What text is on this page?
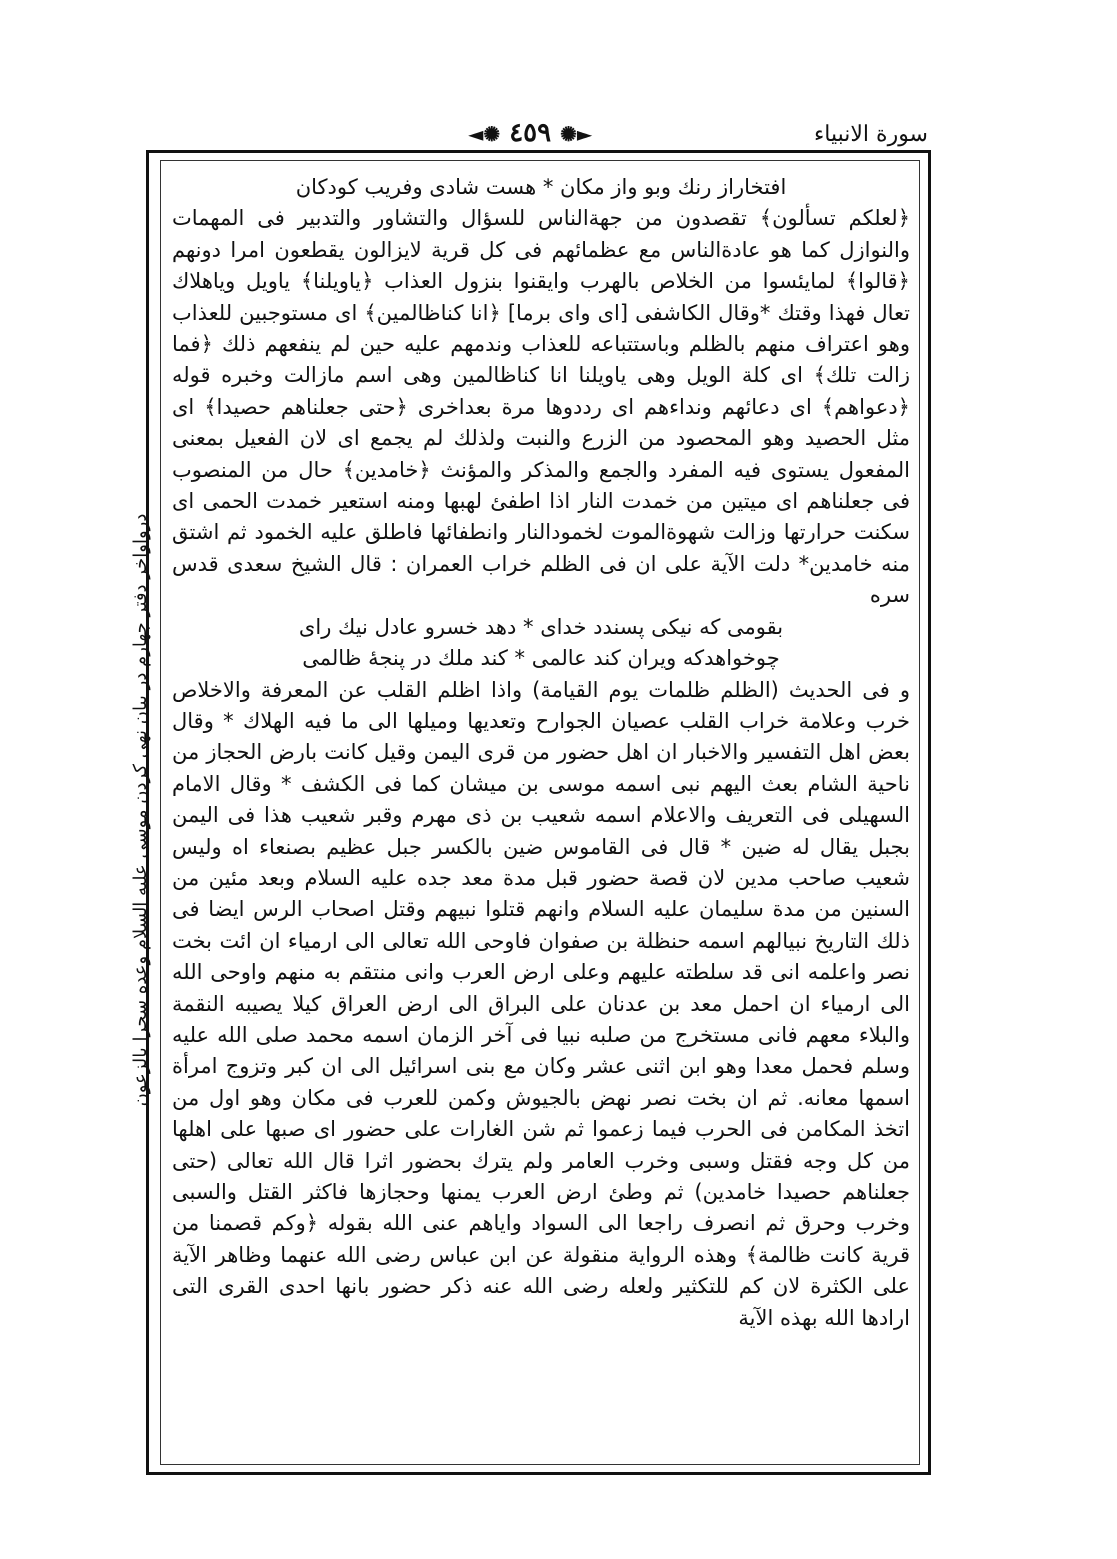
◄✺ ٤٥٩ ✺►	سورة الانبياء
درواواخر دفتر چهارم در بیان نهی کردن موسی علیه السلام وعده سحرا بالزعون
افتخاراز رنك وبو واز مكان * هست شادى وفريب كودكان
﴿لعلكم تسألون﴾ تقصدون من جهةالناس للسؤال والتشاور والتدبير فى المهمات والنوازل كما هو عادةالناس مع عظمائهم فى كل قرية لايزالون يقطعون امرا دونهم ﴿قالوا﴾ لمايئسوا من الخلاص بالهرب وايقنوا بنزول العذاب ﴿ياويلنا﴾ ياويل وياهلاك تعال فهذا وقتك *وقال الكاشفى [اى واى برما] ﴿انا كناظالمين﴾ اى مستوجبين للعذاب وهو اعتراف منهم بالظلم وباستتباعه للعذاب وندمهم عليه حين لم ينفعهم ذلك ﴿فما زالت تلك﴾ اى كلة الويل وهى ياويلنا انا كناظالمين وهى اسم مازالت وخبره قوله ﴿دعواهم﴾ اى دعائهم ونداءهم اى رددوها مرة بعداخرى ﴿حتى جعلناهم حصيدا﴾ اى مثل الحصيد وهو المحصود من الزرع والنبت ولذلك لم يجمع اى لان الفعيل بمعنى المفعول يستوى فيه المفرد والجمع والمذكر والمؤنث ﴿خامدين﴾ حال من المنصوب فى جعلناهم اى ميتين من خمدت النار اذا اطفئ لهبها ومنه استعير خمدت الحمى اى سكنت حرارتها وزالت شهوةالموت لخمودالنار وانطفائها فاطلق عليه الخمود ثم اشتق منه خامدين* دلت الآية على ان فى الظلم خراب العمران : قال الشيخ سعدى قدس سره
بقومى كه نيكى پسندد خداى * دهد خسرو عادل نيك راى
چوخواهدكه ويران كند عالمى * كند ملك در پنجۀ ظالمى
و فى الحديث (الظلم ظلمات يوم القيامة) واذا اظلم القلب عن المعرفة والاخلاص خرب وعلامة خراب القلب عصيان الجوارح وتعديها وميلها الى ما فيه الهلاك * وقال بعض اهل التفسير والاخبار ان اهل حضور من قرى اليمن وقيل كانت بارض الحجاز من ناحية الشام بعث اليهم نبى اسمه موسى بن ميشان كما فى الكشف * وقال الامام السهيلى فى التعريف والاعلام اسمه شعيب بن ذى مهرم وقبر شعيب هذا فى اليمن بجبل يقال له ضين * قال فى القاموس ضين بالكسر جبل عظيم بصنعاء اه وليس شعيب صاحب مدين لان قصة حضور قبل مدة معد جده عليه السلام وبعد مئين من السنين من مدة سليمان عليه السلام وانهم قتلوا نبيهم وقتل اصحاب الرس ايضا فى ذلك التاريخ نبيالهم اسمه حنظلة بن صفوان فاوحى الله تعالى الى ارمياء ان ائت بخت نصر واعلمه انى قد سلطته عليهم وعلى ارض العرب وانى منتقم به منهم واوحى الله الى ارمياء ان احمل معد بن عدنان على البراق الى ارض العراق كيلا يصيبه النقمة والبلاء معهم فانى مستخرج من صلبه نبيا فى آخر الزمان اسمه محمد صلى الله عليه وسلم فحمل معدا وهو ابن اثنى عشر وكان مع بنى اسرائيل الى ان كبر وتزوج امرأة اسمها معانه. ثم ان بخت نصر نهض بالجيوش وكمن للعرب فى مكان وهو اول من اتخذ المكامن فى الحرب فيما زعموا ثم شن الغارات على حضور اى صبها على اهلها من كل وجه فقتل وسبى وخرب العامر ولم يترك بحضور اثرا قال الله تعالى (حتى جعلناهم حصيدا خامدين) ثم وطئ ارض العرب يمنها وحجازها فاكثر القتل والسبى وخرب وحرق ثم انصرف راجعا الى السواد واياهم عنى الله بقوله ﴿وكم قصمنا من قرية كانت ظالمة﴾ وهذه الرواية منقولة عن ابن عباس رضى الله عنهما وظاهر الآية على الكثرة لان كم للتكثير ولعله رضى الله عنه ذكر حضور بانها احدى القرى التى ارادها الله بهذه الآية
